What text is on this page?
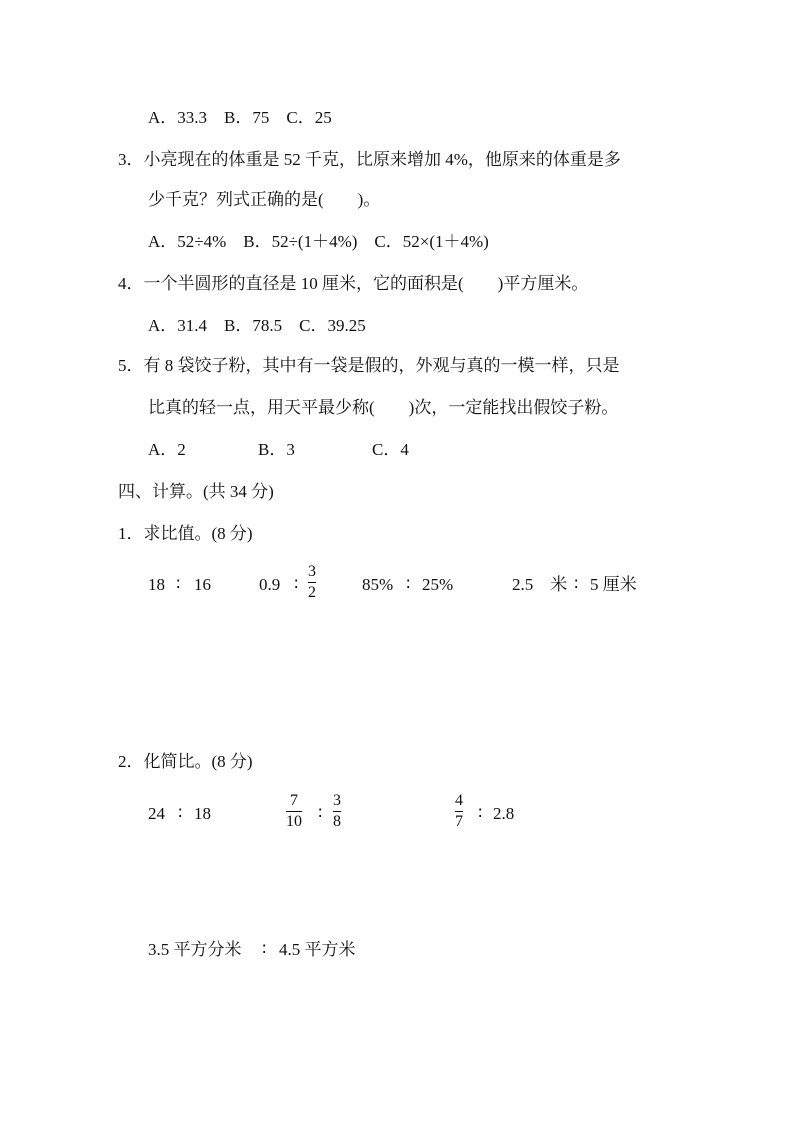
A．33.3　B．75　C．25
3．小亮现在的体重是 52 千克，比原来增加 4%，他原来的体重是多
少千克？列式正确的是(　　)。
A．52÷4%　B．52÷(1＋4%)　C．52×(1＋4%)
4．一个半圆形的直径是 10 厘米，它的面积是(　　)平方厘米。
A．31.4　B．78.5　C．39.25
5．有 8 袋饺子粉，其中有一袋是假的，外观与真的一模一样，只是
比真的轻一点，用天平最少称(　　)次，一定能找出假饺子粉。
A．2	B．3	C．4
四、计算。(共 34 分)
1．求比值。(8 分)
18 ∶ 16	0.9 ∶
3
2	85% ∶ 25%	2.5　米 ∶ 5 厘米
2．化简比。(8 分)
24 ∶ 18
7
10 ∶
3
8
4
7 ∶ 2.8
3.5 平方分米 ∶ 4.5 平方米
